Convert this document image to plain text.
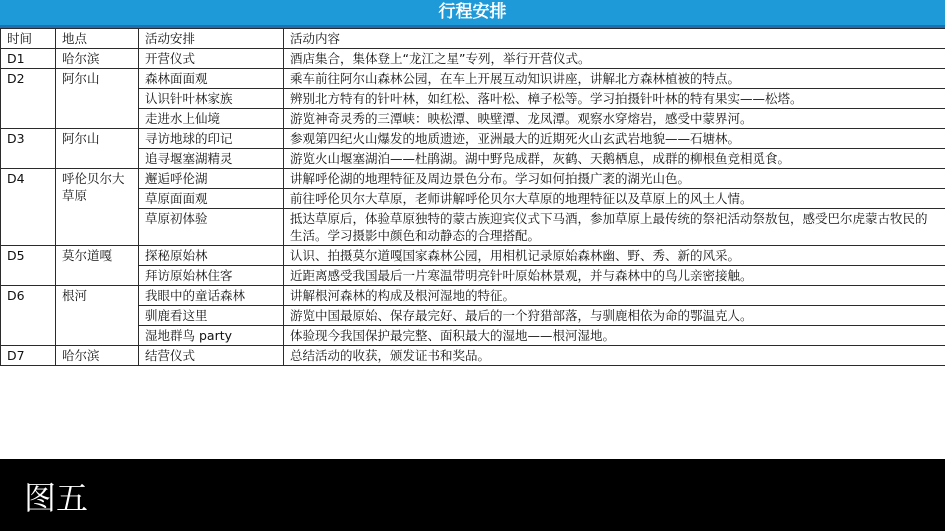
行程安排
时间	地点	活动安排	活动内容
D1	哈尔滨	开营仪式	酒店集合，集体登上“龙江之星”专列，举行开营仪式。
D2	阿尔山	森林面面观	乘车前往阿尔山森林公园，在车上开展互动知识讲座，讲解北方森林植被的特点。
		认识针叶林家族	辨别北方特有的针叶林，如红松、落叶松、樟子松等。学习拍摄针叶林的特有果实——松塔。
		走进水上仙境	游览神奇灵秀的三潭峡：映松潭、映壁潭、龙凤潭。观察水穿熔岩，感受中蒙界河。
D3	阿尔山	寻访地球的印记	参观第四纪火山爆发的地质遗迹，亚洲最大的近期死火山玄武岩地貌——石塘林。
		追寻堰塞湖精灵	游览火山堰塞湖泊——杜鹃湖。湖中野凫成群，灰鹤、天鹅栖息，成群的柳根鱼竞相觅食。
D4	呼伦贝尔大草原	邂逅呼伦湖	讲解呼伦湖的地理特征及周边景色分布。学习如何拍摄广袤的湖光山色。
		草原面面观	前往呼伦贝尔大草原，老师讲解呼伦贝尔大草原的地理特征以及草原上的风土人情。
		草原初体验	抵达草原后，体验草原独特的蒙古族迎宾仪式下马酒，参加草原上最传统的祭祀活动祭敖包，感受巴尔虎蒙古牧民的生活。学习摄影中颜色和动静态的合理搭配。
D5	莫尔道嘎	探秘原始林	认识、拍摄莫尔道嘎国家森林公园，用相机记录原始森林幽、野、秀、新的风采。
		拜访原始林住客	近距离感受我国最后一片寒温带明亮针叶原始林景观，并与森林中的鸟儿亲密接触。
D6	根河	我眼中的童话森林	讲解根河森林的构成及根河湿地的特征。
		驯鹿看这里	游览中国最原始、保存最完好、最后的一个狩猎部落，与驯鹿相依为命的鄂温克人。
		湿地群鸟 party	体验现今我国保护最完整、面积最大的湿地——根河湿地。
D7	哈尔滨	结营仪式	总结活动的收获，颁发证书和奖品。
图五
